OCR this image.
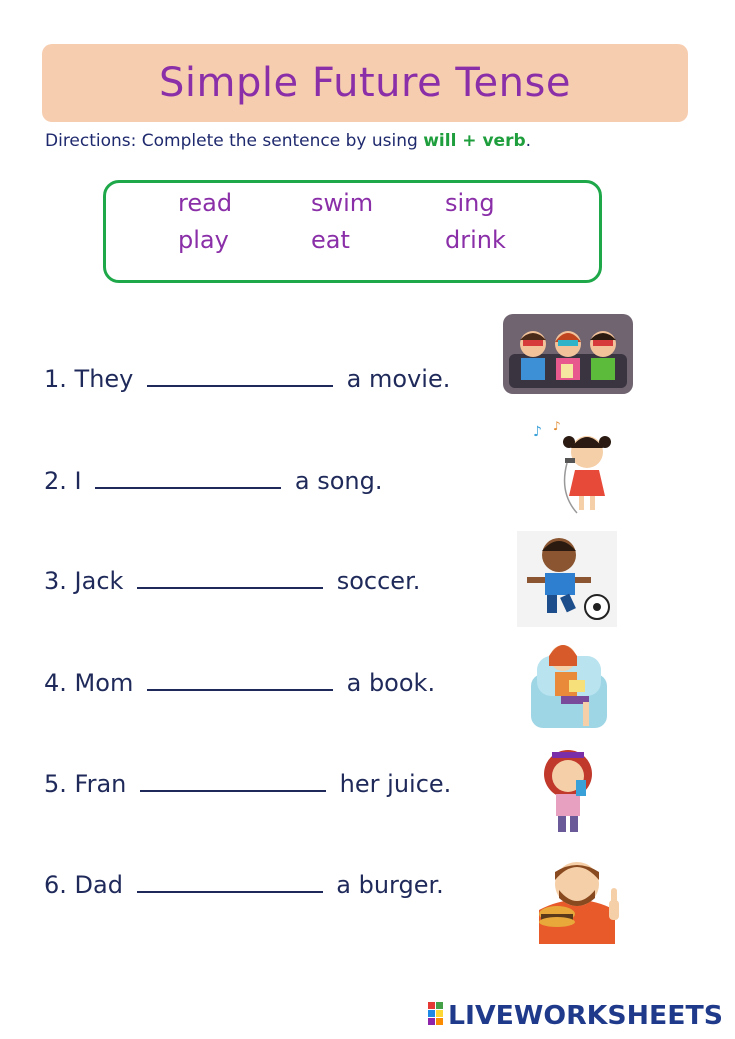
Simple Future Tense
Directions: Complete the sentence by using will + verb.
read	swim	sing
play	eat	drink
1. They	a movie.
2. I	a song.
3. Jack	soccer.
4. Mom	a book.
5. Fran	her juice.
6. Dad	a burger.
♪ ♪
LIVEWORKSHEETS
